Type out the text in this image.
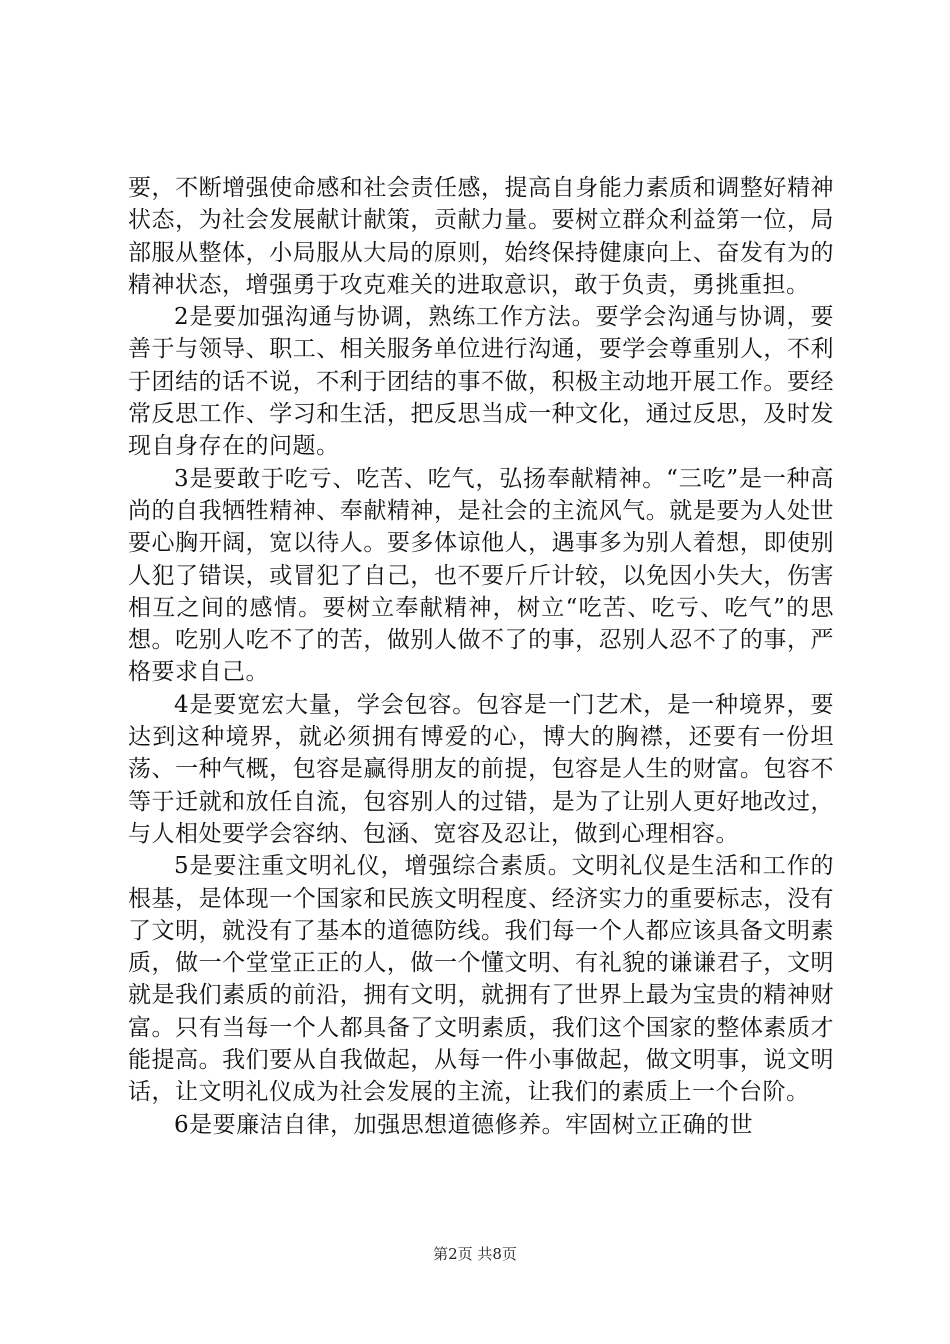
要，不断增强使命感和社会责任感，提高自身能力素质和调整好精神状态，为社会发展献计献策，贡献力量。要树立群众利益第一位，局部服从整体，小局服从大局的原则，始终保持健康向上、奋发有为的精神状态，增强勇于攻克难关的进取意识，敢于负责，勇挑重担。

2是要加强沟通与协调，熟练工作方法。要学会沟通与协调，要善于与领导、职工、相关服务单位进行沟通，要学会尊重别人，不利于团结的话不说，不利于团结的事不做，积极主动地开展工作。要经常反思工作、学习和生活，把反思当成一种文化，通过反思，及时发现自身存在的问题。

3是要敢于吃亏、吃苦、吃气，弘扬奉献精神。“三吃”是一种高尚的自我牺牲精神、奉献精神，是社会的主流风气。就是要为人处世要心胸开阔，宽以待人。要多体谅他人，遇事多为别人着想，即使别人犯了错误，或冒犯了自己，也不要斤斤计较，以免因小失大，伤害相互之间的感情。要树立奉献精神，树立“吃苦、吃亏、吃气”的思想。吃别人吃不了的苦，做别人做不了的事，忍别人忍不了的事，严格要求自己。

4是要宽宏大量，学会包容。包容是一门艺术，是一种境界，要达到这种境界，就必须拥有博爱的心，博大的胸襟，还要有一份坦荡、一种气概，包容是赢得朋友的前提，包容是人生的财富。包容不等于迁就和放任自流，包容别人的过错，是为了让别人更好地改过，与人相处要学会容纳、包涵、宽容及忍让，做到心理相容。

5是要注重文明礼仪，增强综合素质。文明礼仪是生活和工作的根基，是体现一个国家和民族文明程度、经济实力的重要标志，没有了文明，就没有了基本的道德防线。我们每一个人都应该具备文明素质，做一个堂堂正正的人，做一个懂文明、有礼貌的谦谦君子，文明就是我们素质的前沿，拥有文明，就拥有了世界上最为宝贵的精神财富。只有当每一个人都具备了文明素质，我们这个国家的整体素质才能提高。我们要从自我做起，从每一件小事做起，做文明事，说文明话，让文明礼仪成为社会发展的主流，让我们的素质上一个台阶。

6是要廉洁自律，加强思想道德修养。牢固树立正确的世

第2页 共8页
